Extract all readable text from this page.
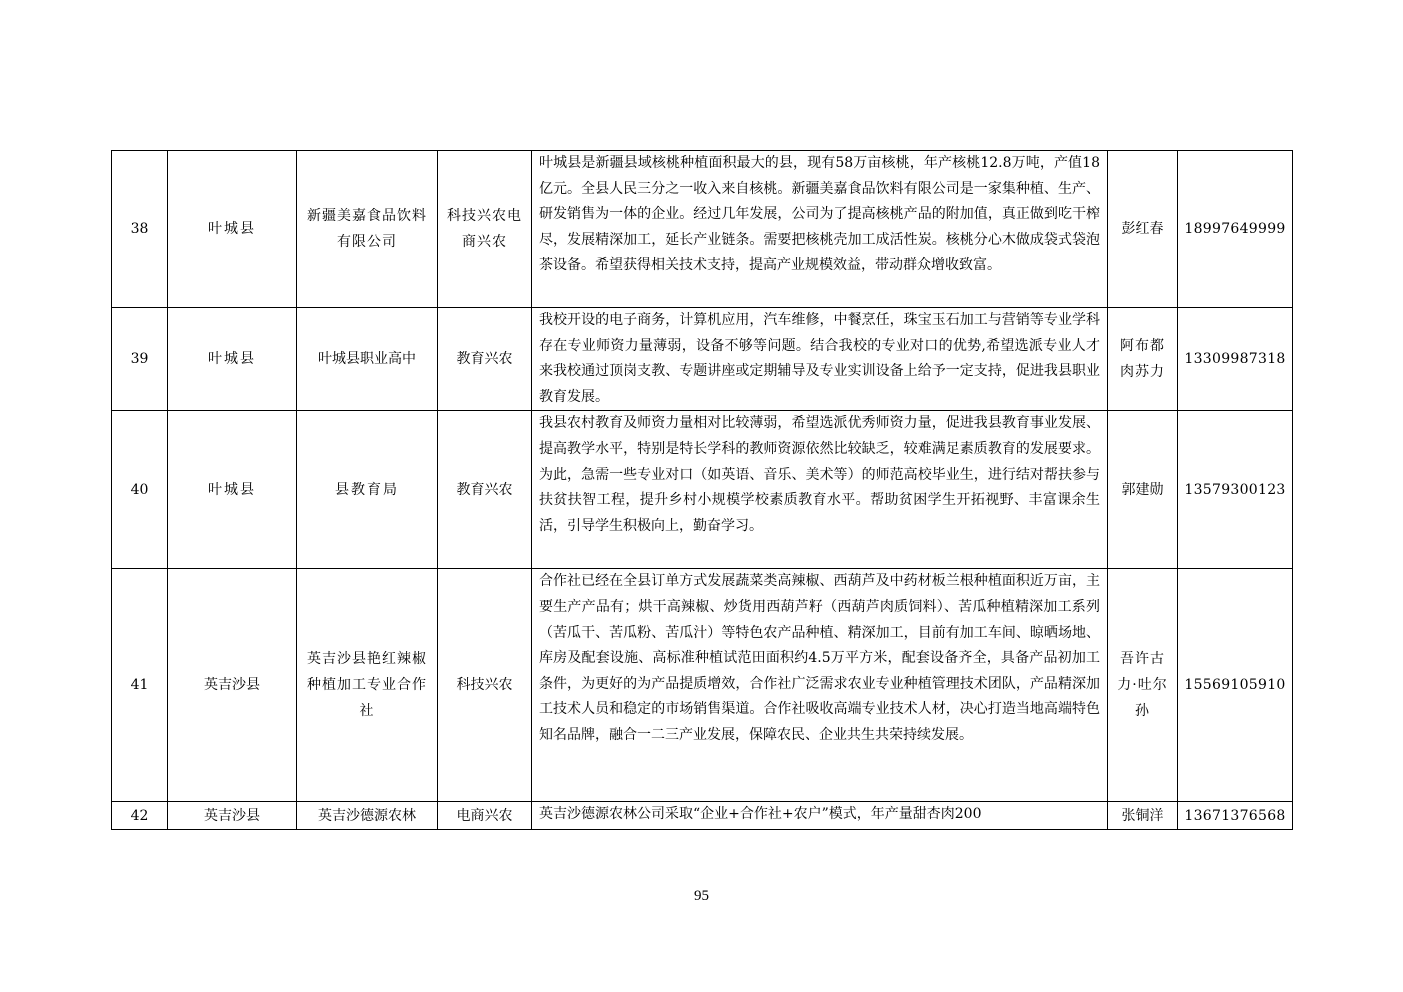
38	叶城县	新疆美嘉食品饮料有限公司	科技兴农电商兴农	叶城县是新疆县域核桃种植面积最大的县，现有58万亩核桃，年产核桃12.8万吨，产值18亿元。全县人民三分之一收入来自核桃。新疆美嘉食品饮料有限公司是一家集种植、生产、研发销售为一体的企业。经过几年发展，公司为了提高核桃产品的附加值，真正做到吃干榨尽，发展精深加工，延长产业链条。需要把核桃壳加工成活性炭。核桃分心木做成袋式袋泡茶设备。希望获得相关技术支持，提高产业规模效益，带动群众增收致富。	彭红春	18997649999
39	叶城县	叶城县职业高中	教育兴农	我校开设的电子商务，计算机应用，汽车维修，中餐烹任，珠宝玉石加工与营销等专业学科存在专业师资力量薄弱，设备不够等问题。结合我校的专业对口的优势,希望选派专业人才来我校通过顶岗支教、专题讲座或定期辅导及专业实训设备上给予一定支持，促进我县职业教育发展。	阿布都肉苏力	13309987318
40	叶城县	县教育局	教育兴农	我县农村教育及师资力量相对比较薄弱，希望选派优秀师资力量，促进我县教育事业发展、提高教学水平，特别是特长学科的教师资源依然比较缺乏，较难满足素质教育的发展要求。为此，急需一些专业对口（如英语、音乐、美术等）的师范高校毕业生，进行结对帮扶参与扶贫扶智工程，提升乡村小规模学校素质教育水平。帮助贫困学生开拓视野、丰富课余生活，引导学生积极向上，勤奋学习。	郭建勋	13579300123
41	英吉沙县	英吉沙县艳红辣椒种植加工专业合作社	科技兴农	合作社已经在全县订单方式发展蔬菜类高辣椒、西葫芦及中药材板兰根种植面积近万亩，主要生产产品有；烘干高辣椒、炒货用西葫芦籽（西葫芦肉质饲料）、苦瓜种植精深加工系列（苦瓜干、苦瓜粉、苦瓜汁）等特色农产品种植、精深加工，目前有加工车间、晾晒场地、库房及配套设施、高标准种植试范田面积约4.5万平方米，配套设备齐全，具备产品初加工条件，为更好的为产品提质增效，合作社广泛需求农业专业种植管理技术团队，产品精深加工技术人员和稳定的市场销售渠道。合作社吸收高端专业技术人材，决心打造当地高端特色知名品牌，融合一二三产业发展，保障农民、企业共生共荣持续发展。	吾许古力·吐尔孙	15569105910
42	英吉沙县	英吉沙德源农林	电商兴农	英吉沙德源农林公司采取“企业+合作社+农户”模式，年产量甜杏肉200	张铜洋	13671376568
95
